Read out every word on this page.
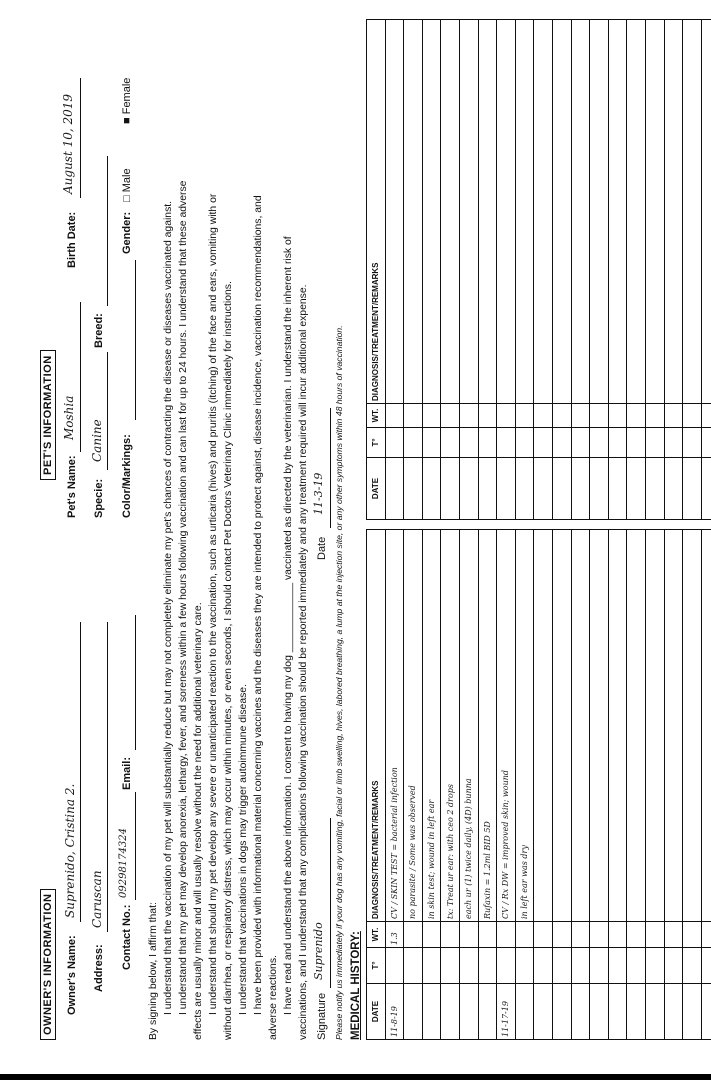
OWNER'S INFORMATION Owner's Name:
Suprenido, Cristina 2.
Address:
Caruscan
Contact No.:
09298174324
Email:
PET'S INFORMATION
Pet's Name:
Moshia
Birth Date:
August 10, 2019
Specie:
Canine
Breed:
Color/Markings:
Gender:
□ Male
■ Female
By signing below, I affirm that: I understand that the vaccination of my pet will substantially reduce but may not completely eliminate my pet's chances of contracting the disease or diseases vaccinated against. I understand that my pet may develop anorexia, lethargy, fever, and soreness within a few hours following vaccination and can last for up to 24 hours. I understand that these adverse effects are usually minor and will usually resolve without the need for additional veterinary care. I understand that should my pet develop any severe or unanticipated reaction to the vaccination, such as urticaria (hives) and pruritis (itching) of the face and ears, vomiting with or without diarrhea, or respiratory distress, which may occur within minutes, or even seconds, I should contact Pet Doctors Veterinary Clinic immediately for instructions. I understand that vaccinations in dogs may trigger autoimmune disease. I have been provided with informational material concerning vaccines and the diseases they are intended to protect against, disease incidence, vaccination recommendations, and adverse reactions. I have read and understand the above information. I consent to having my dog ____________ vaccinated as directed by the veterinarian. I understand the inherent risk of vaccinations, and I understand that any complications following vaccination should be reported immediately and any treatment required will incur additional expense. Signature
Suprenido
Date
11-3-19 Please notify us immediately if your dog has any vomiting, facial or limb swelling, hives, labored breathing, a lump at the injection site, or any other symptoms within 48 hours of vaccination. MEDICAL HISTORY: DATE	T°	WT.	DIAGNOSIS/TREATMENT/REMARKS
11-8-19		1.3	CV / SKIN TEST = bacterial infection
			no parasite / Some was observed
			in skin test; wound in left ear
			tx: Treat ur ear: with ceo 2 drops
			each ur (1) twice daily, (4D) bunna
			Rufaxin = 1.2ml BID 5D
11-17-19			CV / Rx DW = improved skin; wound
			in left ear was dry

DATE	T°	WT.	DIAGNOSIS/TREATMENT/REMARKS
